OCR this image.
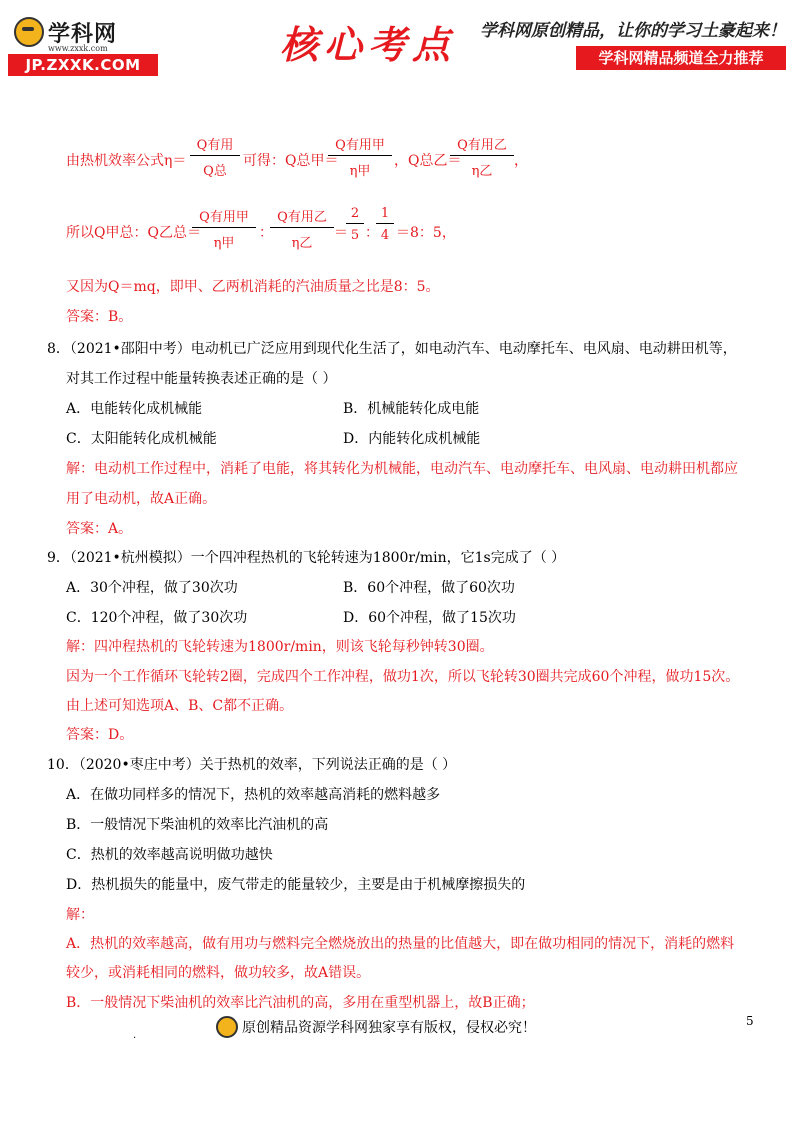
学科网
www.zxxk.com
JP.ZXXK.COM	核心考点	学科网原创精品，让你的学习土豪起来！
学科网精品频道全力推荐
由热机效率公式η＝
Q有用
Q总
可得：Q总甲＝
Q有用甲
η甲
，Q总乙＝
Q有用乙
η乙
，
所以Q甲总：Q乙总＝
Q有用甲
η甲
：
Q有用乙
η乙
＝
$\frac{2}{5}$ ：
$\frac{1}{4} =8$：5，
又因为Q＝mq，即甲、乙两机消耗的汽油质量之比是8：5。
答案：B。
8．（2021•邵阳中考）电动机已广泛应用到现代化生活了，如电动汽车、电动摩托车、电风扇、电动耕田机等，
对其工作过程中能量转换表述正确的是（ ）
A．电能转化成机械能	B．机械能转化成电能
C．太阳能转化成机械能	D．内能转化成机械能
解：电动机工作过程中，消耗了电能，将其转化为机械能，电动汽车、电动摩托车、电风扇、电动耕田机都应
用了电动机，故A正确。
答案：A。
9．（2021•杭州模拟）一个四冲程热机的飞轮转速为1800r/min，它1s完成了（ ）
A．30个冲程，做了30次功	B．60个冲程，做了60次功
C．120个冲程，做了30次功	D．60个冲程，做了15次功
解：四冲程热机的飞轮转速为1800r/min，则该飞轮每秒钟转30圈。
因为一个工作循环飞轮转2圈，完成四个工作冲程，做功1次，所以飞轮转30圈共完成60个冲程，做功15次。
由上述可知选项A、B、C都不正确。
答案：D。
10．（2020•枣庄中考）关于热机的效率，下列说法正确的是（ ）
A．在做功同样多的情况下，热机的效率越高消耗的燃料越多
B．一般情况下柴油机的效率比汽油机的高
C．热机的效率越高说明做功越快
D．热机损失的能量中，废气带走的能量较少，主要是由于机械摩擦损失的
解：
A．热机的效率越高，做有用功与燃料完全燃烧放出的热量的比值越大，即在做功相同的情况下，消耗的燃料
较少，或消耗相同的燃料，做功较多，故A错误。
B．一般情况下柴油机的效率比汽油机的高，多用在重型机器上，故B正确；
.	原创精品资源学科网独家享有版权，侵权必究！	5
